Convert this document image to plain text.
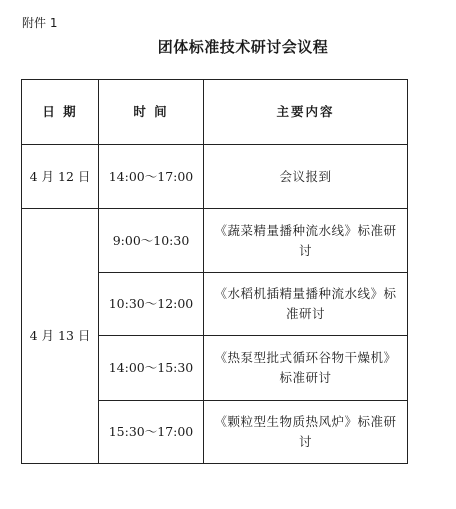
附件 1
团体标准技术研讨会议程
日 期	时 间	主要内容
4 月 12 日	14:00～17:00	会议报到
4 月 13 日	9:00～10:30	《蔬菜精量播种流水线》标准研讨
	10:30～12:00	《水稻机插精量播种流水线》标准研讨
	14:00～15:30	《热泵型批式循环谷物干燥机》标准研讨
	15:30～17:00	《颗粒型生物质热风炉》标准研讨
